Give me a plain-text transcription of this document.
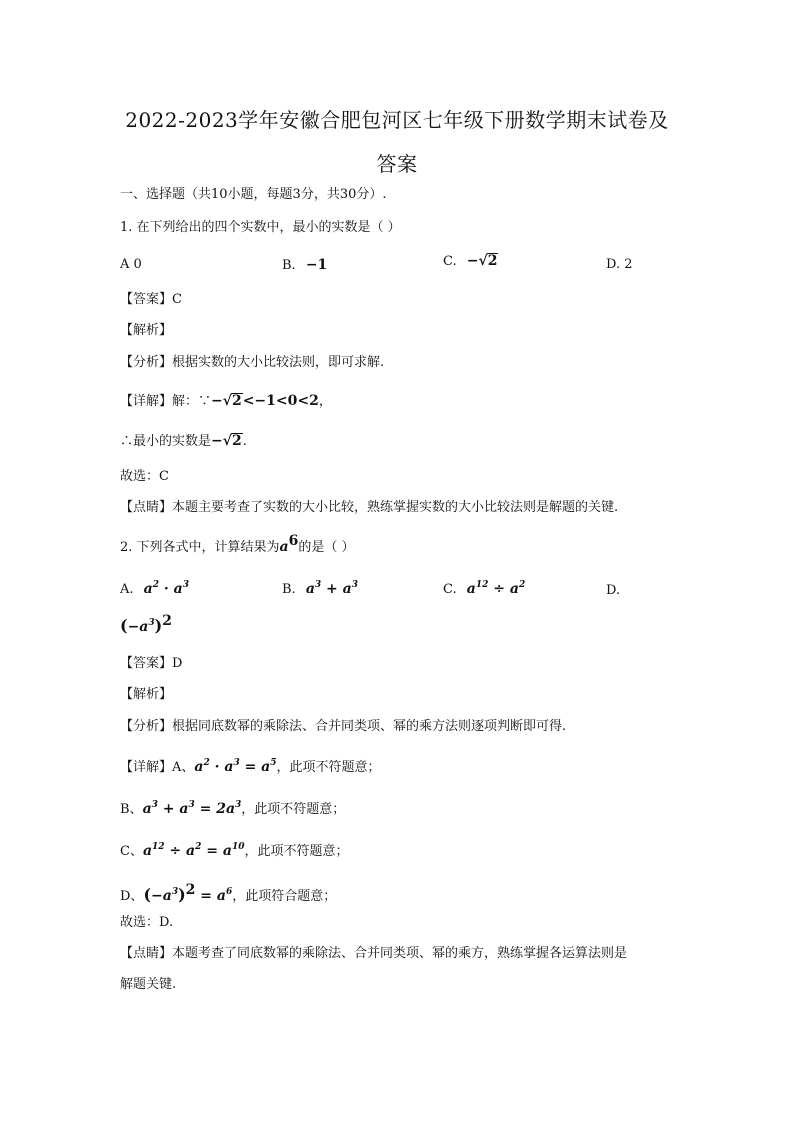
2022-2023学年安徽合肥包河区七年级下册数学期末试卷及
答案
一、选择题（共10小题，每题3分，共30分）.
1. 在下列给出的四个实数中，最小的实数是（ ）
A 0	B. −1	C. −√2	D. 2
【答案】C
【解析】
【分析】根据实数的大小比较法则，即可求解.
【详解】解：∵−√2<−1<0<2，
∴最小的实数是−√2.
故选：C
【点睛】本题主要考查了实数的大小比较，熟练掌握实数的大小比较法则是解题的关键.
2. 下列各式中，计算结果为$a^6$的是（ ）
A. $a^2 \cdot a^3$	B. $a^3 + a^3$	C. $a^{12} \div a^2$	D.
$(-a^3)^2$
【答案】D
【解析】
【分析】根据同底数幂的乘除法、合并同类项、幂的乘方法则逐项判断即可得.
【详解】A、$a^2 \cdot a^3 = a^5$，此项不符题意；
B、$a^3 + a^3 = 2a^3$，此项不符题意；
C、$a^{12} \div a^2 = a^{10}$，此项不符题意；
D、$(-a^3)^2 = a^6$，此项符合题意；
故选：D.
【点睛】本题考查了同底数幂的乘除法、合并同类项、幂的乘方，熟练掌握各运算法则是
解题关键.
